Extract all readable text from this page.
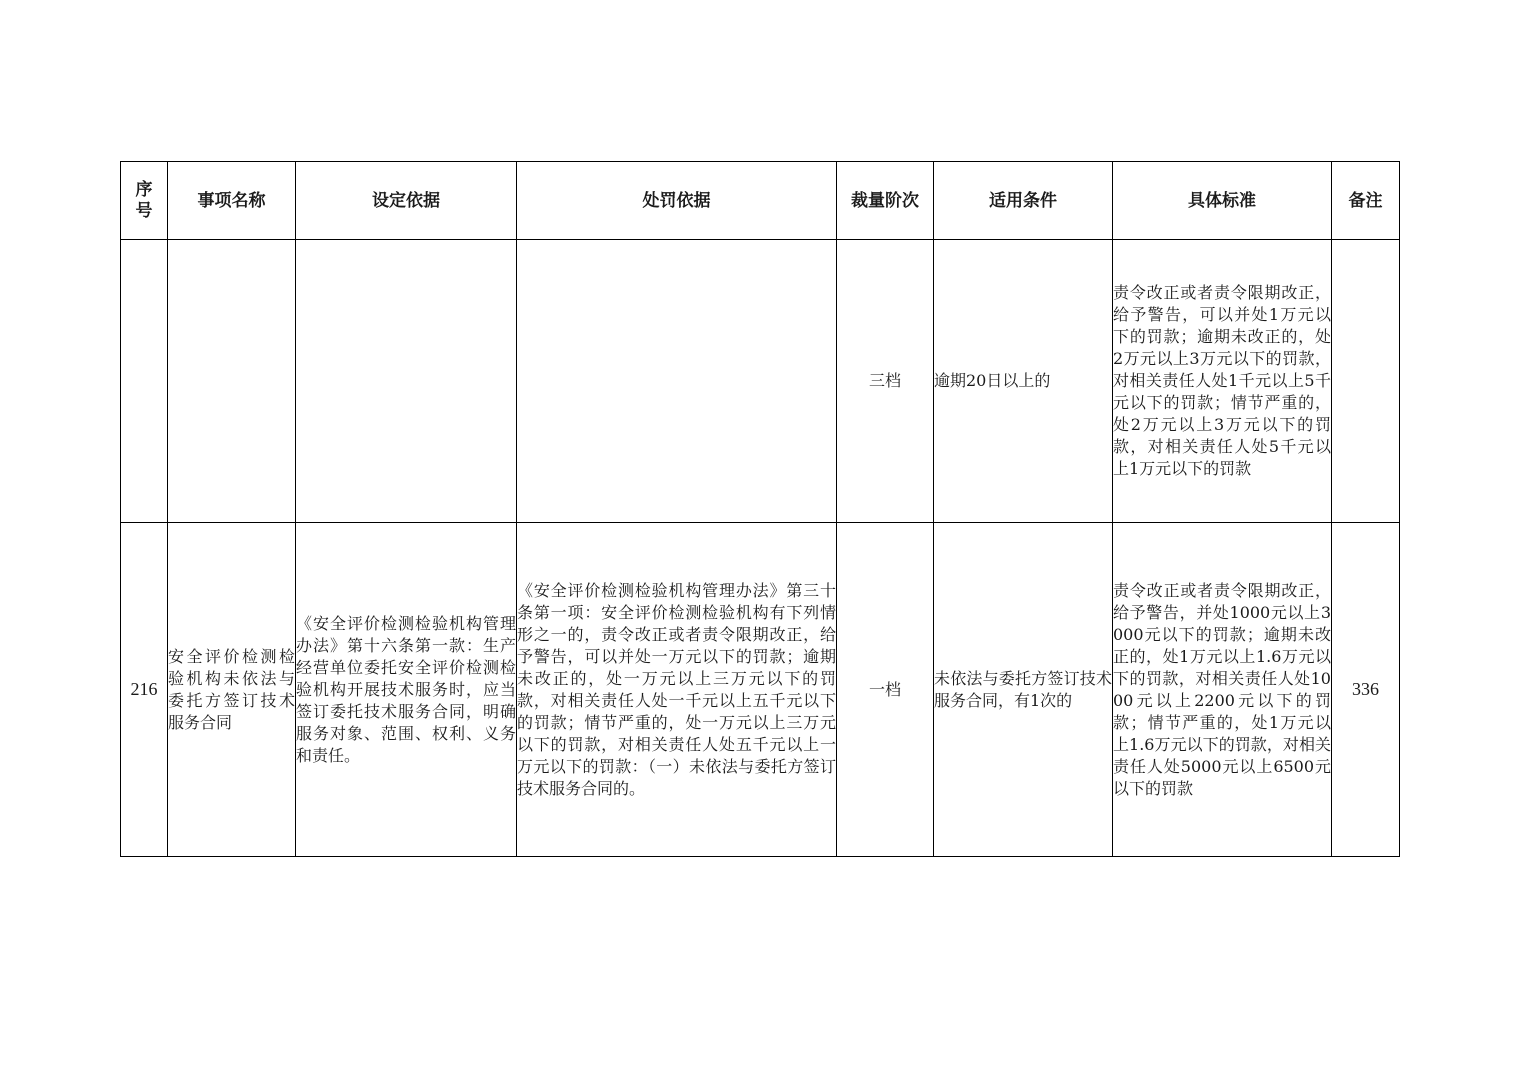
序号	事项名称	设定依据	处罚依据	裁量阶次	适用条件	具体标准	备注
				三档	逾期20日以上的	责令改正或者责令限期改正，给予警告，可以并处1万元以下的罚款；逾期未改正的，处2万元以上3万元以下的罚款，对相关责任人处1千元以上5千元以下的罚款；情节严重的，处2万元以上3万元以下的罚款，对相关责任人处5千元以上1万元以下的罚款	
216	安全评价检测检验机构未依法与委托方签订技术服务合同	《安全评价检测检验机构管理办法》第十六条第一款：生产经营单位委托安全评价检测检验机构开展技术服务时，应当签订委托技术服务合同，明确服务对象、范围、权利、义务和责任。	《安全评价检测检验机构管理办法》第三十条第一项：安全评价检测检验机构有下列情形之一的，责令改正或者责令限期改正，给予警告，可以并处一万元以下的罚款；逾期未改正的，处一万元以上三万元以下的罚款，对相关责任人处一千元以上五千元以下的罚款；情节严重的，处一万元以上三万元以下的罚款，对相关责任人处五千元以上一万元以下的罚款：（一）未依法与委托方签订技术服务合同的。	一档	未依法与委托方签订技术服务合同，有1次的	责令改正或者责令限期改正，给予警告，并处1000元以上3000元以下的罚款；逾期未改正的，处1万元以上1.6万元以下的罚款，对相关责任人处1000元以上2200元以下的罚款；情节严重的，处1万元以上1.6万元以下的罚款，对相关责任人处5000元以上6500元以下的罚款	336
